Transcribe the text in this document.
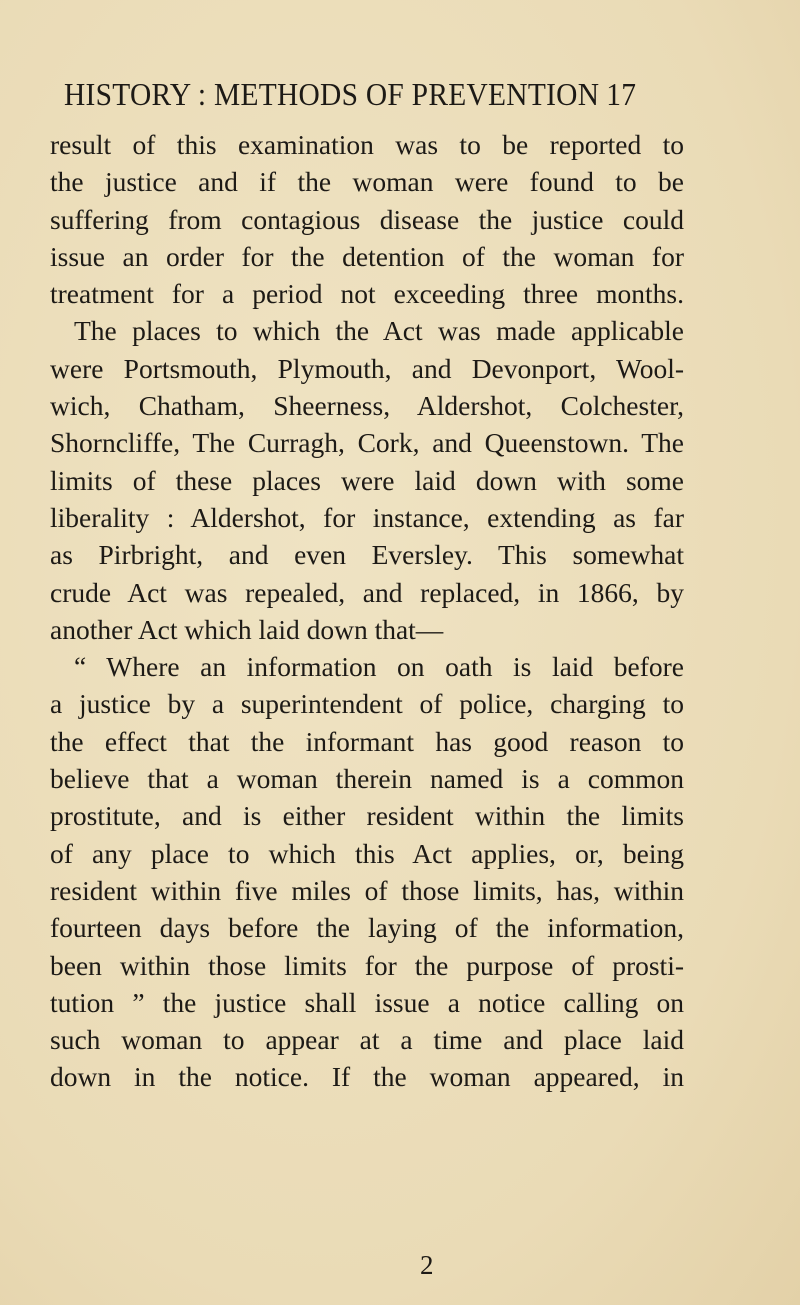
HISTORY : METHODS OF PREVENTION 17
result of this examination was to be reported to
the justice and if the woman were found to be
suffering from contagious disease the justice could
issue an order for the detention of the woman for
treatment for a period not exceeding three months.
The places to which the Act was made applicable
were Portsmouth, Plymouth, and Devonport, Wool-
wich, Chatham, Sheerness, Aldershot, Colchester,
Shorncliffe, The Curragh, Cork, and Queenstown. The
limits of these places were laid down with some
liberality : Aldershot, for instance, extending as far
as Pirbright, and even Eversley. This somewhat
crude Act was repealed, and replaced, in 1866, by
another Act which laid down that—
“ Where an information on oath is laid before
a justice by a superintendent of police, charging to
the effect that the informant has good reason to
believe that a woman therein named is a common
prostitute, and is either resident within the limits
of any place to which this Act applies, or, being
resident within five miles of those limits, has, within
fourteen days before the laying of the information,
been within those limits for the purpose of prosti-
tution ” the justice shall issue a notice calling on
such woman to appear at a time and place laid
down in the notice. If the woman appeared, in
2
